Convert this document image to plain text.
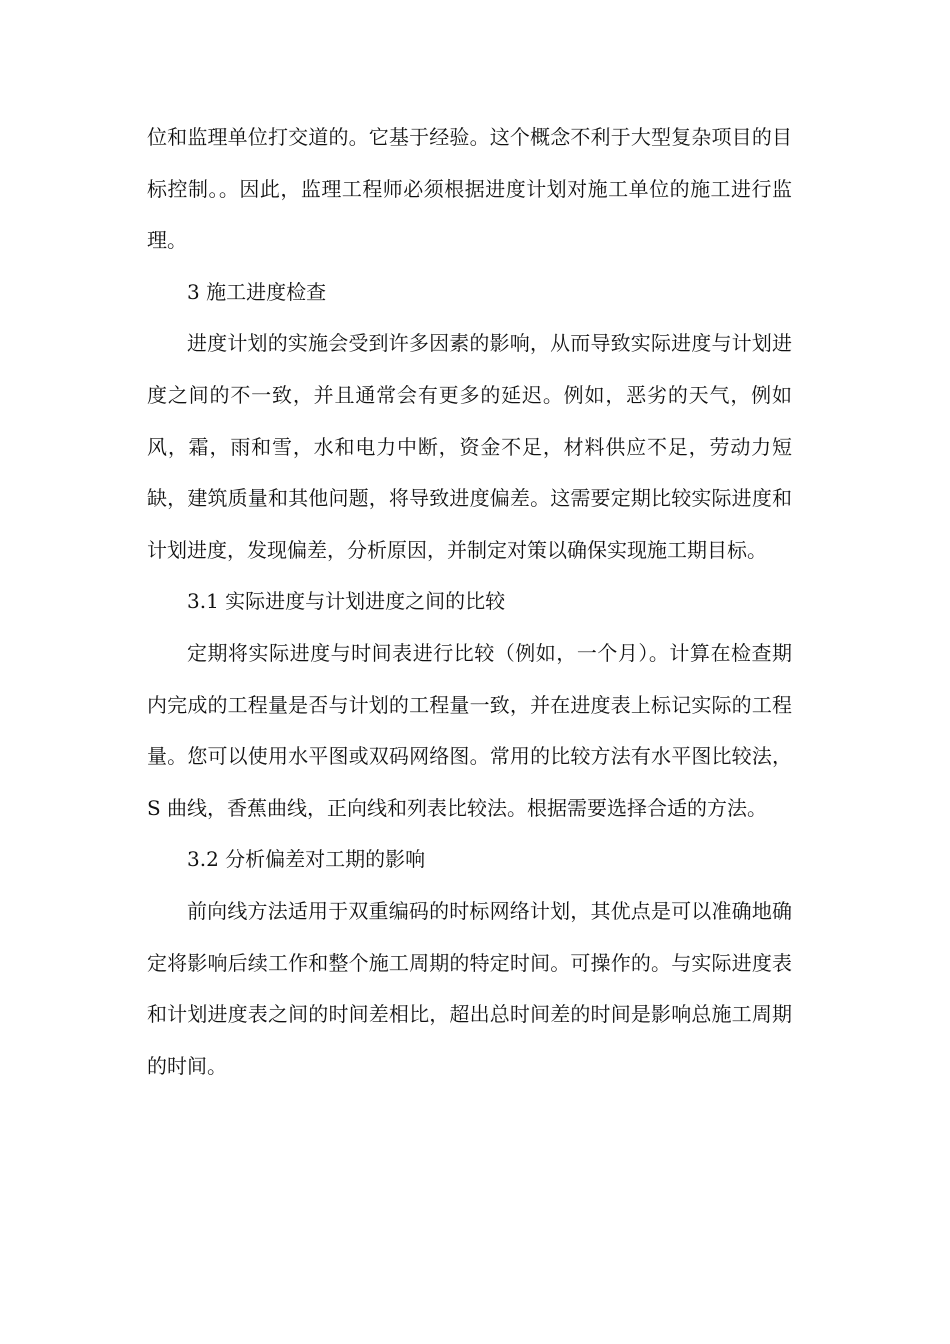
位和监理单位打交道的。它基于经验。这个概念不利于大型复杂项目的目标控制。。因此，监理工程师必须根据进度计划对施工单位的施工进行监理。

3 施工进度检查

进度计划的实施会受到许多因素的影响，从而导致实际进度与计划进度之间的不一致，并且通常会有更多的延迟。例如，恶劣的天气，例如风，霜，雨和雪，水和电力中断，资金不足，材料供应不足，劳动力短缺，建筑质量和其他问题，将导致进度偏差。这需要定期比较实际进度和计划进度，发现偏差，分析原因，并制定对策以确保实现施工期目标。

3.1 实际进度与计划进度之间的比较

定期将实际进度与时间表进行比较（例如，一个月）。计算在检查期内完成的工程量是否与计划的工程量一致，并在进度表上标记实际的工程量。您可以使用水平图或双码网络图。常用的比较方法有水平图比较法，S 曲线，香蕉曲线，正向线和列表比较法。根据需要选择合适的方法。

3.2 分析偏差对工期的影响

前向线方法适用于双重编码的时标网络计划，其优点是可以准确地确定将影响后续工作和整个施工周期的特定时间。可操作的。与实际进度表和计划进度表之间的时间差相比，超出总时间差的时间是影响总施工周期的时间。
